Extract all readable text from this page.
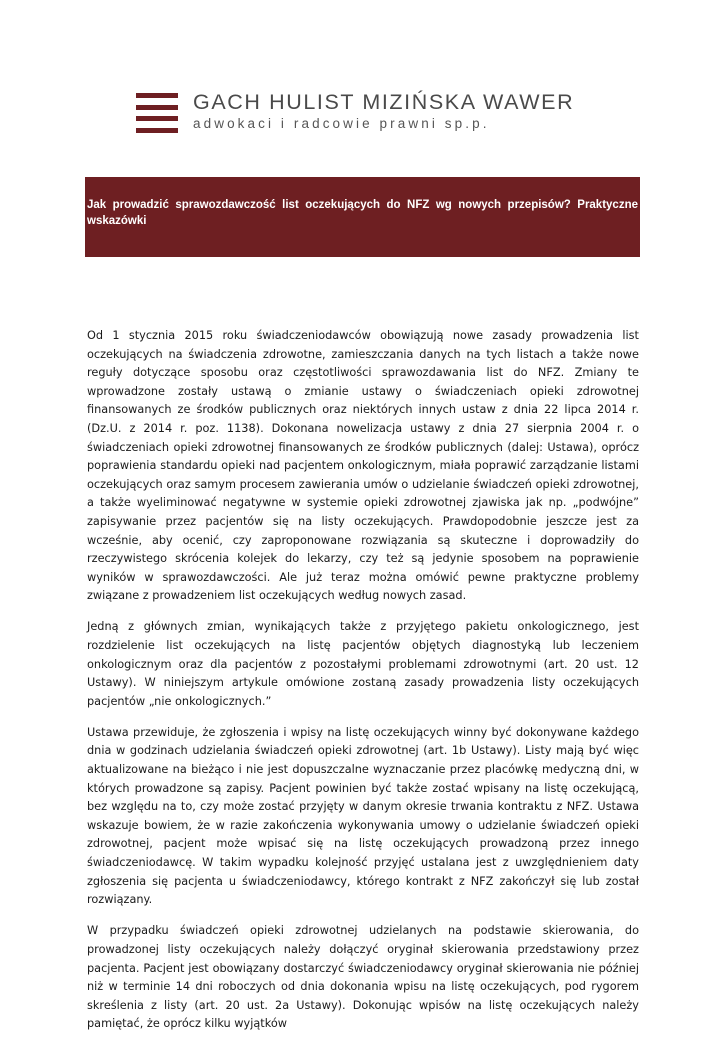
GACH HULIST MIZIŃSKA WAWER
adwokaci i radcowie prawni sp.p.
Jak prowadzić sprawozdawczość list oczekujących do NFZ wg nowych przepisów? Praktyczne wskazówki

Od 1 stycznia 2015 roku świadczeniodawców obowiązują nowe zasady prowadzenia list oczekujących na świadczenia zdrowotne, zamieszczania danych na tych listach a także nowe reguły dotyczące sposobu oraz częstotliwości sprawozdawania list do NFZ. Zmiany te wprowadzone zostały ustawą o zmianie ustawy o świadczeniach opieki zdrowotnej finansowanych ze środków publicznych oraz niektórych innych ustaw z dnia 22 lipca 2014 r. (Dz.U. z 2014 r. poz. 1138). Dokonana nowelizacja ustawy z dnia 27 sierpnia 2004 r. o świadczeniach opieki zdrowotnej finansowanych ze środków publicznych (dalej: Ustawa), oprócz poprawienia standardu opieki nad pacjentem onkologicznym, miała poprawić zarządzanie listami oczekujących oraz samym procesem zawierania umów o udzielanie świadczeń opieki zdrowotnej, a także wyeliminować negatywne w systemie opieki zdrowotnej zjawiska jak np. „podwójne” zapisywanie przez pacjentów się na listy oczekujących. Prawdopodobnie jeszcze jest za wcześnie, aby ocenić, czy zaproponowane rozwiązania są skuteczne i doprowadziły do rzeczywistego skrócenia kolejek do lekarzy, czy też są jedynie sposobem na poprawienie wyników w sprawozdawczości. Ale już teraz można omówić pewne praktyczne problemy związane z prowadzeniem list oczekujących według nowych zasad.

Jedną z głównych zmian, wynikających także z przyjętego pakietu onkologicznego, jest rozdzielenie list oczekujących na listę pacjentów objętych diagnostyką lub leczeniem onkologicznym oraz dla pacjentów z pozostałymi problemami zdrowotnymi (art. 20 ust. 12 Ustawy). W niniejszym artykule omówione zostaną zasady prowadzenia listy oczekujących pacjentów „nie onkologicznych.”

Ustawa przewiduje, że zgłoszenia i wpisy na listę oczekujących winny być dokonywane każdego dnia w godzinach udzielania świadczeń opieki zdrowotnej (art. 1b Ustawy). Listy mają być więc aktualizowane na bieżąco i nie jest dopuszczalne wyznaczanie przez placówkę medyczną dni, w których prowadzone są zapisy. Pacjent powinien być także zostać wpisany na listę oczekującą, bez względu na to, czy może zostać przyjęty w danym okresie trwania kontraktu z NFZ. Ustawa wskazuje bowiem, że w razie zakończenia wykonywania umowy o udzielanie świadczeń opieki zdrowotnej, pacjent może wpisać się na listę oczekujących prowadzoną przez innego świadczeniodawcę. W takim wypadku kolejność przyjęć ustalana jest z uwzględnieniem daty zgłoszenia się pacjenta u świadczeniodawcy, którego kontrakt z NFZ zakończył się lub został rozwiązany.

W przypadku świadczeń opieki zdrowotnej udzielanych na podstawie skierowania, do prowadzonej listy oczekujących należy dołączyć oryginał skierowania przedstawiony przez pacjenta. Pacjent jest obowiązany dostarczyć świadczeniodawcy oryginał skierowania nie później niż w terminie 14 dni roboczych od dnia dokonania wpisu na listę oczekujących, pod rygorem skreślenia z listy (art. 20 ust. 2a Ustawy). Dokonując wpisów na listę oczekujących należy pamiętać, że oprócz kilku wyjątków
